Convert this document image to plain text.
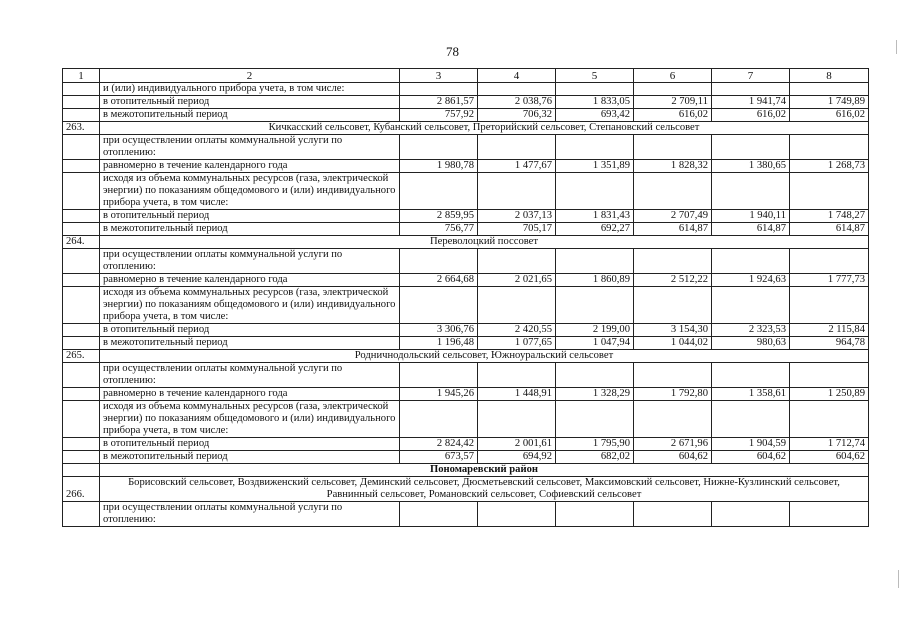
78
1	2	3	4	5	6	7	8
	и (или) индивидуального прибора учета, в том числе:						
	в отопительный период	2 861,57	2 038,76	1 833,05	2 709,11	1 941,74	1 749,89
	в межотопительный период	757,92	706,32	693,42	616,02	616,02	616,02
263.	Кичкасский сельсовет, Кубанский сельсовет, Преторийский сельсовет, Степановский сельсовет						
	при осуществлении оплаты коммунальной услуги по отоплению:						
	равномерно в течение календарного года	1 980,78	1 477,67	1 351,89	1 828,32	1 380,65	1 268,73
	исходя из объема коммунальных ресурсов (газа, электрической энергии) по показаниям общедомового и (или) индивидуального прибора учета, в том числе:						
	в отопительный период	2 859,95	2 037,13	1 831,43	2 707,49	1 940,11	1 748,27
	в межотопительный период	756,77	705,17	692,27	614,87	614,87	614,87
264.	Переволоцкий поссовет						
	при осуществлении оплаты коммунальной услуги по отоплению:						
	равномерно в течение календарного года	2 664,68	2 021,65	1 860,89	2 512,22	1 924,63	1 777,73
	исходя из объема коммунальных ресурсов (газа, электрической энергии) по показаниям общедомового и (или) индивидуального прибора учета, в том числе:						
	в отопительный период	3 306,76	2 420,55	2 199,00	3 154,30	2 323,53	2 115,84
	в межотопительный период	1 196,48	1 077,65	1 047,94	1 044,02	980,63	964,78
265.	Родничнодольский сельсовет, Южноуральский сельсовет						
	при осуществлении оплаты коммунальной услуги по отоплению:						
	равномерно в течение календарного года	1 945,26	1 448,91	1 328,29	1 792,80	1 358,61	1 250,89
	исходя из объема коммунальных ресурсов (газа, электрической энергии) по показаниям общедомового и (или) индивидуального прибора учета, в том числе:						
	в отопительный период	2 824,42	2 001,61	1 795,90	2 671,96	1 904,59	1 712,74
	в межотопительный период	673,57	694,92	682,02	604,62	604,62	604,62
	Пономаревский район						
266.	Борисовский сельсовет, Воздвиженский сельсовет, Деминский сельсовет, Дюсметьевский сельсовет, Максимовский сельсовет, Нижне-Кузлинский сельсовет, Равнинный сельсовет, Романовский сельсовет, Софиевский сельсовет						
	при осуществлении оплаты коммунальной услуги по отоплению:						
